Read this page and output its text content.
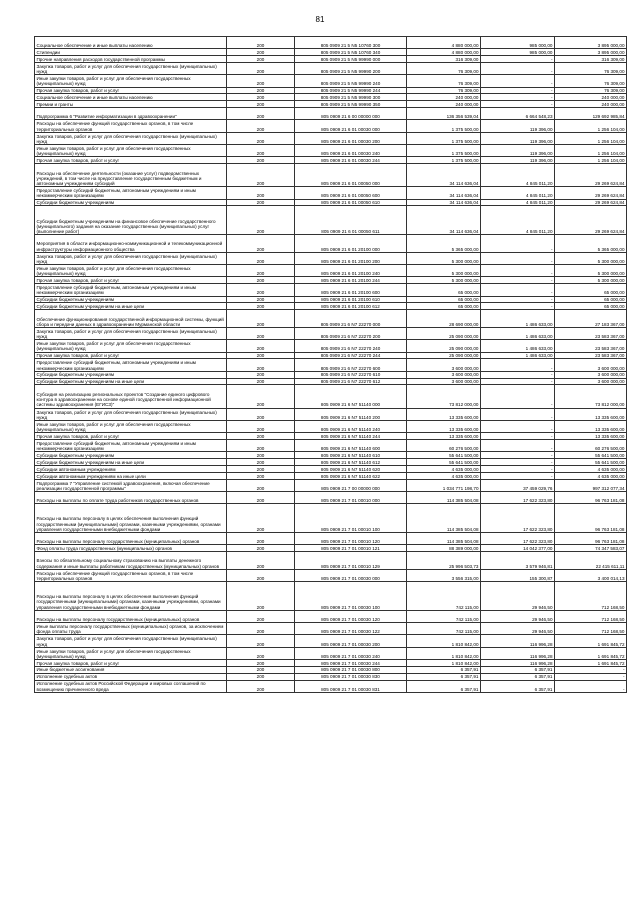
81
Социальное обеспечение и иные выплаты населению	200	805 0909 21 5 N5 10760 300	4 880 000,00	985 000,00	3 895 000,00
Стипендии	200	805 0909 21 5 N5 10760 340	4 880 000,00	985 000,00	3 895 000,00
Прочие направления расходов государственной программы	200	805 0909 21 5 N5 99990 000	316 309,00	-	316 309,00
Закупка товаров, работ и услуг для обеспечения государственных (муниципальных) нужд	200	805 0909 21 5 N5 99990 200	76 309,00	-	76 309,00
Иные закупки товаров, работ и услуг для обеспечения государственных (муниципальных) нужд	200	805 0909 21 5 N5 99990 240	76 309,00	-	76 309,00
Прочая закупка товаров, работ и услуг	200	805 0909 21 5 N5 99990 244	76 309,00	-	76 309,00
Социальное обеспечение и иные выплаты населению	200	805 0909 21 5 N5 99990 300	240 000,00	-	240 000,00
Премии и гранты	200	805 0909 21 5 N5 99990 350	240 000,00	-	240 000,00
Подпрограмма 6 "Развитие информатизации в здравоохранении"	200	805 0909 21 6 00 00000 000	136 356 539,04	6 664 548,23	129 692 985,84
Расходы на обеспечение функций государственных органов, в том числе территориальных органов	200	805 0909 21 6 01 00030 000	1 375 500,00	119 396,00	1 256 104,00
Закупка товаров, работ и услуг для обеспечения государственных (муниципальных) нужд	200	805 0909 21 6 01 00030 200	1 375 500,00	119 396,00	1 256 104,00
Иные закупки товаров, работ и услуг для обеспечения государственных (муниципальных) нужд	200	805 0909 21 6 01 00030 240	1 375 500,00	119 396,00	1 256 104,00
Прочая закупка товаров, работ и услуг	200	805 0909 21 6 01 00030 244	1 375 500,00	119 396,00	1 256 104,00
Расходы на обеспечение деятельности (оказание услуг) подведомственных учреждений, в том числе на предоставление государственным бюджетным и автономным учреждениям субсидий	200	805 0909 21 6 01 00050 000	34 114 636,04	4 845 011,20	29 269 624,84
Предоставление субсидий бюджетным, автономным учреждениям и иным некоммерческим организациям	200	805 0909 21 6 01 00050 600	34 114 636,04	4 845 011,20	29 269 624,84
Субсидии бюджетным учреждениям	200	805 0909 21 6 01 00050 610	34 114 636,04	4 845 011,20	29 269 624,84
Субсидии бюджетным учреждениям на финансовое обеспечение государственного (муниципального) задания на оказание государственных (муниципальных) услуг (выполнение работ)	200	805 0909 21 6 01 00050 611	34 114 636,04	4 845 011,20	29 269 624,84
Мероприятия в области информационно-коммуникационной и телекоммуникационной инфраструктуры информационного общества	200	805 0909 21 6 01 20100 000	5 365 000,00	-	5 365 000,00
Закупка товаров, работ и услуг для обеспечения государственных (муниципальных) нужд	200	805 0909 21 6 01 20100 200	5 300 000,00	-	5 300 000,00
Иные закупки товаров, работ и услуг для обеспечения государственных (муниципальных) нужд	200	805 0909 21 6 01 20100 240	5 300 000,00	-	5 300 000,00
Прочая закупка товаров, работ и услуг	200	805 0909 21 6 01 20100 244	5 300 000,00	-	5 300 000,00
Предоставление субсидий бюджетным, автономным учреждениям и иным некоммерческим организациям	200	805 0909 21 6 01 20100 600	65 000,00	-	65 000,00
Субсидии бюджетным учреждениям	200	805 0909 21 6 01 20100 610	65 000,00	-	65 000,00
Субсидии бюджетным учреждениям на иные цели	200	805 0909 21 6 01 20100 612	65 000,00	-	65 000,00
Обеспечение функционирования государственной информационной системы, функций сбора и передачи данных в здравоохранении Мурманской области	200	805 0909 21 6 N7 22270 000	28 690 000,00	1 486 633,00	27 183 367,00
Закупка товаров, работ и услуг для обеспечения государственных (муниципальных) нужд	200	805 0909 21 6 N7 22270 200	25 090 000,00	1 486 633,00	23 583 367,00
Иные закупки товаров, работ и услуг для обеспечения государственных (муниципальных) нужд	200	805 0909 21 6 N7 22270 240	25 090 000,00	1 486 633,00	23 583 367,00
Прочая закупка товаров, работ и услуг	200	805 0909 21 6 N7 22270 244	25 090 000,00	1 486 633,00	23 583 367,00
Предоставление субсидий бюджетным, автономным учреждениям и иным некоммерческим организациям	200	805 0909 21 6 N7 22270 600	3 600 000,00	-	3 600 000,00
Субсидии бюджетным учреждениям	200	805 0909 21 6 N7 22270 610	3 600 000,00	-	3 600 000,00
Субсидии бюджетным учреждениям на иные цели	200	805 0909 21 6 N7 22270 612	3 600 000,00	-	3 600 000,00
Субсидия на реализацию региональных проектов "Создание единого цифрового контура в здравоохранении на основе единой государственной информационной системы здравоохранения (ЕГИСЗ)"	200	805 0909 21 6 N7 51140 000	73 812 000,00	-	73 812 000,00
Закупка товаров, работ и услуг для обеспечения государственных (муниципальных) нужд	200	805 0909 21 6 N7 51140 200	13 335 600,00	-	13 335 600,00
Иные закупки товаров, работ и услуг для обеспечения государственных (муниципальных) нужд	200	805 0909 21 6 N7 51140 240	13 335 600,00	-	13 335 600,00
Прочая закупка товаров, работ и услуг	200	805 0909 21 6 N7 51140 244	13 335 600,00	-	13 335 600,00
Предоставление субсидий бюджетным, автономным учреждениям и иным некоммерческим организациям	200	805 0909 21 6 N7 51140 600	60 276 500,00	-	60 276 500,00
Субсидии бюджетным учреждениям	200	805 0909 21 6 N7 51140 610	55 641 500,00	-	55 641 500,00
Субсидии бюджетным учреждениям на иные цели	200	805 0909 21 6 N7 51140 612	55 641 500,00	-	55 641 500,00
Субсидии автономным учреждениям	200	805 0909 21 6 N7 51140 620	4 635 000,00	-	4 635 000,00
Субсидии автономным учреждениям на иные цели	200	805 0909 21 6 N7 51140 622	4 635 000,00	-	4 635 000,00
Подпрограмма 7 "Управление системой здравоохранения, включая обеспечение реализации государственной программы"	200	805 0909 21 7 00 00000 000	1 034 771 198,70	37 459 029,76	997 312 077,34
Расходы на выплаты по оплате труда работников государственных органов	200	805 0909 21 7 01 00010 000	114 385 504,08	17 622 323,80	96 763 181,08
Расходы на выплаты персоналу в целях обеспечения выполнения функций государственными (муниципальными) органами, казенными учреждениями, органами управления государственными внебюджетными фондами	200	805 0909 21 7 01 00010 100	114 385 504,08	17 622 323,80	96 763 181,08
Расходы на выплаты персоналу государственных (муниципальных) органов	200	805 0909 21 7 01 00010 120	114 385 504,08	17 622 323,80	96 763 181,08
Фонд оплаты труда государственных (муниципальных) органов	200	805 0909 21 7 01 00010 121	88 389 000,00	14 042 377,00	74 347 583,07
Взносы по обязательному социальному страхованию на выплаты денежного содержания и иные выплаты работникам государственных (муниципальных) органов	200	805 0909 21 7 01 00010 129	25 996 503,73	3 579 946,81	22 415 611,11
Расходы на обеспечение функций государственных органов, в том числе территориальных органов	200	805 0909 21 7 01 00030 000	3 556 315,00	155 300,87	3 400 014,13
Расходы на выплаты персоналу в целях обеспечения выполнения функций государственными (муниципальными) органами, казенными учреждениями, органами управления государственными внебюджетными фондами	200	805 0909 21 7 01 00030 100	742 115,00	29 946,50	712 168,50
Расходы на выплаты персоналу государственных (муниципальных) органов	200	805 0909 21 7 01 00030 120	742 115,00	29 946,50	712 168,50
Иные выплаты персоналу государственных (муниципальных) органов, за исключением фонда оплаты труда	200	805 0909 21 7 01 00030 122	742 115,00	29 946,50	712 168,50
Закупка товаров, работ и услуг для обеспечения государственных (муниципальных) нужд	200	805 0909 21 7 01 00030 200	1 810 842,00	116 996,28	1 691 845,72
Иные закупки товаров, работ и услуг для обеспечения государственных (муниципальных) нужд	200	805 0909 21 7 01 00030 240	1 810 842,00	116 996,28	1 691 845,72
Прочая закупка товаров, работ и услуг	200	805 0909 21 7 01 00030 244	1 810 842,00	116 996,28	1 691 845,72
Иные бюджетные ассигнования	200	805 0909 21 7 01 00030 800	6 357,91	6 357,91	-
Исполнение судебных актов	200	805 0909 21 7 01 00030 830	6 357,91	6 357,91	-
Исполнение судебных актов Российской Федерации и мировых соглашений по возмещению причиненного вреда	200	805 0909 21 7 01 00030 831	6 357,91	6 357,91	-
